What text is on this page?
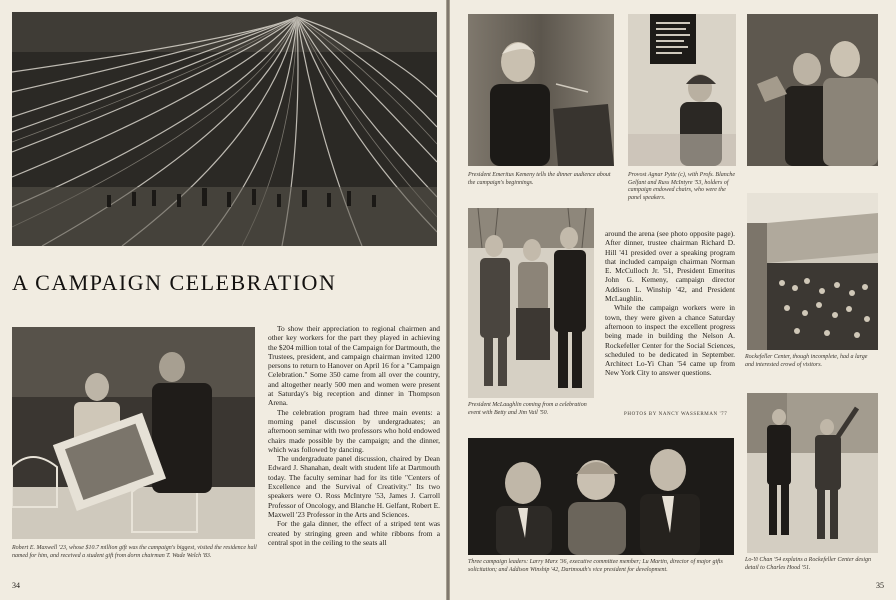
A CAMPAIGN CELEBRATION

Robert E. Maxwell '23, whose $10.7 million gift was the campaign's biggest, visited the residence hall named for him, and received a student gift from dorm chairman T. Wade Welch '83.

To show their appreciation to regional chairmen and other key workers for the part they played in achieving the $204 million total of the Campaign for Dartmouth, the Trustees, president, and campaign chairman invited 1200 persons to return to Hanover on April 16 for a "Campaign Celebration." Some 350 came from all over the country, and altogether nearly 500 men and women were present at Saturday's big reception and dinner in Thompson Arena.

The celebration program had three main events: a morning panel discussion by undergraduates; an afternoon seminar with two professors who hold endowed chairs made possible by the campaign; and the dinner, which was followed by dancing.

The undergraduate panel discussion, chaired by Dean Edward J. Shanahan, dealt with student life at Dartmouth today. The faculty seminar had for its title "Centers of Excellence and the Survival of Creativity." Its two speakers were O. Ross McIntyre '53, James J. Carroll Professor of Oncology, and Blanche H. Gelfant, Robert E. Maxwell '23 Professor in the Arts and Sciences.

For the gala dinner, the effect of a striped tent was created by stringing green and white ribbons from a central spot in the ceiling to the seats all

34

President Emeritus Kemeny tells the dinner audience about the campaign's beginnings.

Provost Agnar Pytte (c), with Profs. Blanche Gelfant and Russ McIntyre '53, holders of campaign endowed chairs, who were the panel speakers.

President McLaughlin coming from a celebration event with Betty and Jim Vail '50.

around the arena (see photo opposite page). After dinner, trustee chairman Richard D. Hill '41 presided over a speaking program that included campaign chairman Norman E. McCulloch Jr. '51, President Emeritus John G. Kemeny, campaign director Addison L. Winship '42, and President McLaughlin.

While the campaign workers were in town, they were given a chance Saturday afternoon to inspect the excellent progress being made in building the Nelson A. Rockefeller Center for the Social Sciences, scheduled to be dedicated in September. Architect Lo-Yi Chan '54 came up from New York City to answer questions.

PHOTOS BY NANCY WASSERMAN '77

Rockefeller Center, though incomplete, had a large and interested crowd of visitors.

Three campaign leaders: Larry Marx '36, executive committee member; Lu Martin, director of major gifts solicitation; and Addison Winship '42, Dartmouth's vice president for development.

Lo-Yi Chan '54 explains a Rockefeller Center design detail to Charles Hood '51.

35
